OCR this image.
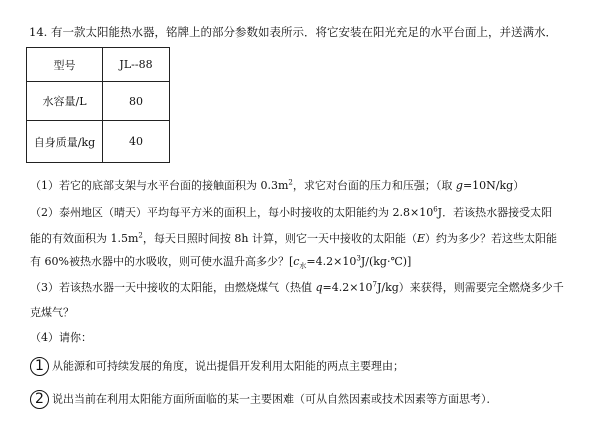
14. 有一款太阳能热水器，铭牌上的部分参数如表所示．将它安装在阳光充足的水平台面上，并送满水．
型号	JL--88
水容量/L	80
自身质量/kg	40
（1）若它的底部支架与水平台面的接触面积为 $0.3m^2$，求它对台面的压力和压强；（取 g=10N/kg）
（2）泰州地区（晴天）平均每平方米的面积上，每小时接收的太阳能约为 $2.8\times 10^6J$．若该热水器接受太阳
能的有效面积为 $1.5m^2$，每天日照时间按 8h 计算，则它一天中接收的太阳能（E）约为多少？若这些太阳能
有 60%被热水器中的水吸收，则可使水温升高多少？$[c_水=4.2\times 10^3J/(kg\cdot℃)]$
（3）若该热水器一天中接收的太阳能，由燃烧煤气（热值 $q=4.2\times 10^7J/kg$）来获得，则需要完全燃烧多少千
克煤气？
（4）请你：
1 从能源和可持续发展的角度，说出提倡开发利用太阳能的两点主要理由；
2 说出当前在利用太阳能方面所面临的某一主要困难（可从自然因素或技术因素等方面思考）．
